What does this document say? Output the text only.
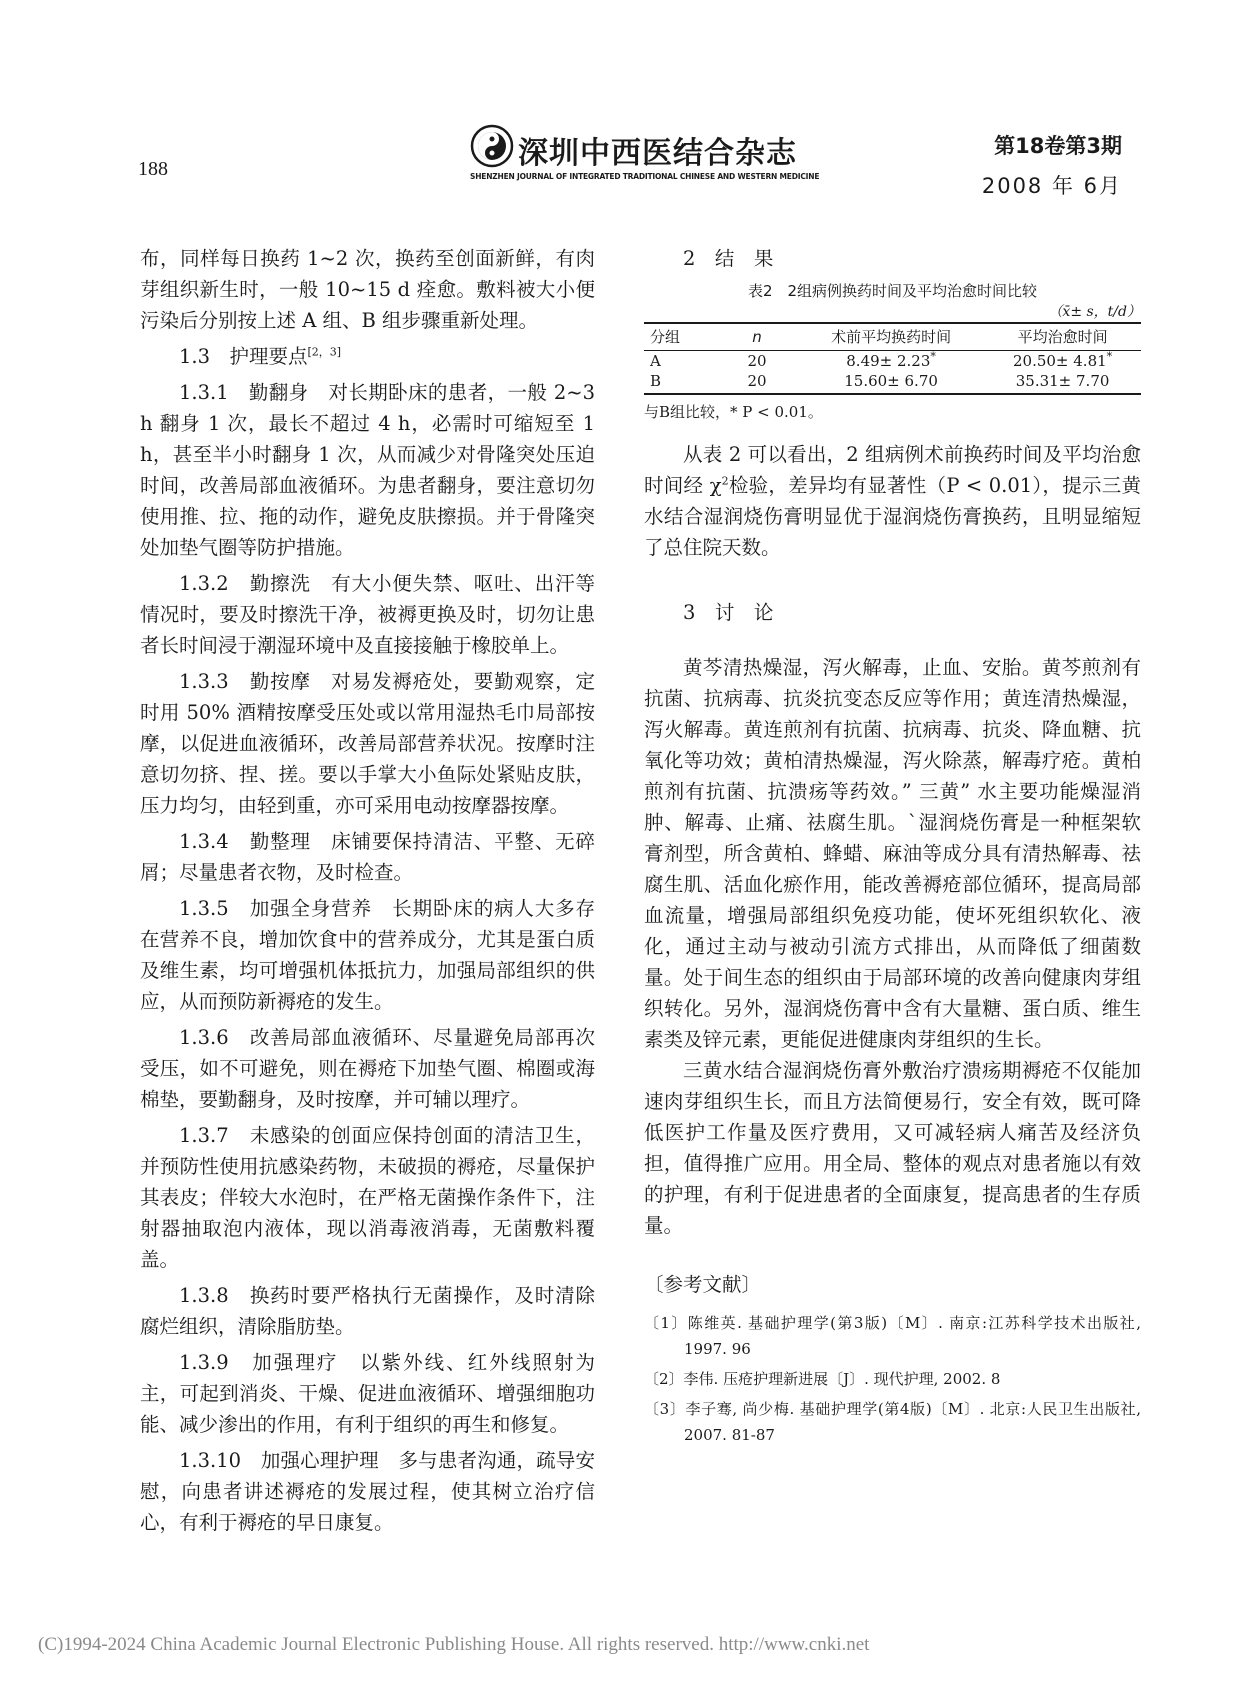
188	深圳中西医结合杂志
SHENZHEN JOURNAL OF INTEGRATED TRADITIONAL CHINESE AND WESTERN MEDICINE
第18卷第3期
2008 年 6月

布，同样每日换药 1~2 次，换药至创面新鲜，有肉芽组织新生时，一般 10~15 d 痊愈。敷料被大小便污染后分别按上述 A 组、B 组步骤重新处理。

1.3　护理要点[2，3]

1.3.1　勤翻身　对长期卧床的患者，一般 2~3 h 翻身 1 次，最长不超过 4 h，必需时可缩短至 1 h，甚至半小时翻身 1 次，从而减少对骨隆突处压迫时间，改善局部血液循环。为患者翻身，要注意切勿使用推、拉、拖的动作，避免皮肤擦损。并于骨隆突处加垫气圈等防护措施。

1.3.2　勤擦洗　有大小便失禁、呕吐、出汗等情况时，要及时擦洗干净，被褥更换及时，切勿让患者长时间浸于潮湿环境中及直接接触于橡胶单上。

1.3.3　勤按摩　对易发褥疮处，要勤观察，定时用 50% 酒精按摩受压处或以常用湿热毛巾局部按摩，以促进血液循环，改善局部营养状况。按摩时注意切勿挤、捏、搓。要以手掌大小鱼际处紧贴皮肤，压力均匀，由轻到重，亦可采用电动按摩器按摩。

1.3.4　勤整理　床铺要保持清洁、平整、无碎屑；尽量患者衣物，及时检查。

1.3.5　加强全身营养　长期卧床的病人大多存在营养不良，增加饮食中的营养成分，尤其是蛋白质及维生素，均可增强机体抵抗力，加强局部组织的供应，从而预防新褥疮的发生。

1.3.6　改善局部血液循环、尽量避免局部再次受压，如不可避免，则在褥疮下加垫气圈、棉圈或海棉垫，要勤翻身，及时按摩，并可辅以理疗。

1.3.7　未感染的创面应保持创面的清洁卫生，并预防性使用抗感染药物，未破损的褥疮，尽量保护其表皮；伴较大水泡时，在严格无菌操作条件下，注射器抽取泡内液体，现以消毒液消毒，无菌敷料覆盖。

1.3.8　换药时要严格执行无菌操作，及时清除腐烂组织，清除脂肪垫。

1.3.9　加强理疗　以紫外线、红外线照射为主，可起到消炎、干燥、促进血液循环、增强细胞功能、减少渗出的作用，有利于组织的再生和修复。

1.3.10　加强心理护理　多与患者沟通，疏导安慰，向患者讲述褥疮的发展过程，使其树立治疗信心，有利于褥疮的早日康复。

2　结　果
表2　2组病例换药时间及平均治愈时间比较
（x̄± s，t/d）
分组	n	术前平均换药时间	平均治愈时间
A	20	8.49± 2.23*	20.50± 4.81*
B	20	15.60± 6.70	35.31± 7.70
与B组比较，* P < 0.01。

从表 2 可以看出，2 组病例术前换药时间及平均治愈时间经 $\chi^2$检验，差异均有显著性（P < 0.01），提示三黄水结合湿润烧伤膏明显优于湿润烧伤膏换药，且明显缩短了总住院天数。

3　讨　论

黄芩清热燥湿，泻火解毒，止血、安胎。黄芩煎剂有抗菌、抗病毒、抗炎抗变态反应等作用；黄连清热燥湿，泻火解毒。黄连煎剂有抗菌、抗病毒、抗炎、降血糖、抗氧化等功效；黄柏清热燥湿，泻火除蒸，解毒疗疮。黄柏煎剂有抗菌、抗溃疡等药效。” 三黄” 水主要功能燥湿消肿、解毒、止痛、祛腐生肌。`湿润烧伤膏是一种框架软膏剂型，所含黄柏、蜂蜡、麻油等成分具有清热解毒、祛腐生肌、活血化瘀作用，能改善褥疮部位循环，提高局部血流量，增强局部组织免疫功能，使坏死组织软化、液化，通过主动与被动引流方式排出，从而降低了细菌数量。处于间生态的组织由于局部环境的改善向健康肉芽组织转化。另外，湿润烧伤膏中含有大量糖、蛋白质、维生素类及锌元素，更能促进健康肉芽组织的生长。

三黄水结合湿润烧伤膏外敷治疗溃疡期褥疮不仅能加速肉芽组织生长，而且方法简便易行，安全有效，既可降低医护工作量及医疗费用，又可减轻病人痛苦及经济负担，值得推广应用。用全局、整体的观点对患者施以有效的护理，有利于促进患者的全面康复，提高患者的生存质量。

〔参考文献〕
〔1〕陈维英. 基础护理学(第3版)〔M〕. 南京:江苏科学技术出版社, 1997. 96
〔2〕李伟. 压疮护理新进展〔J〕. 现代护理, 2002. 8
〔3〕李子骞, 尚少梅. 基础护理学(第4版)〔M〕. 北京:人民卫生出版社, 2007. 81-87
(C)1994-2024 China Academic Journal Electronic Publishing House. All rights reserved. http://www.cnki.net
